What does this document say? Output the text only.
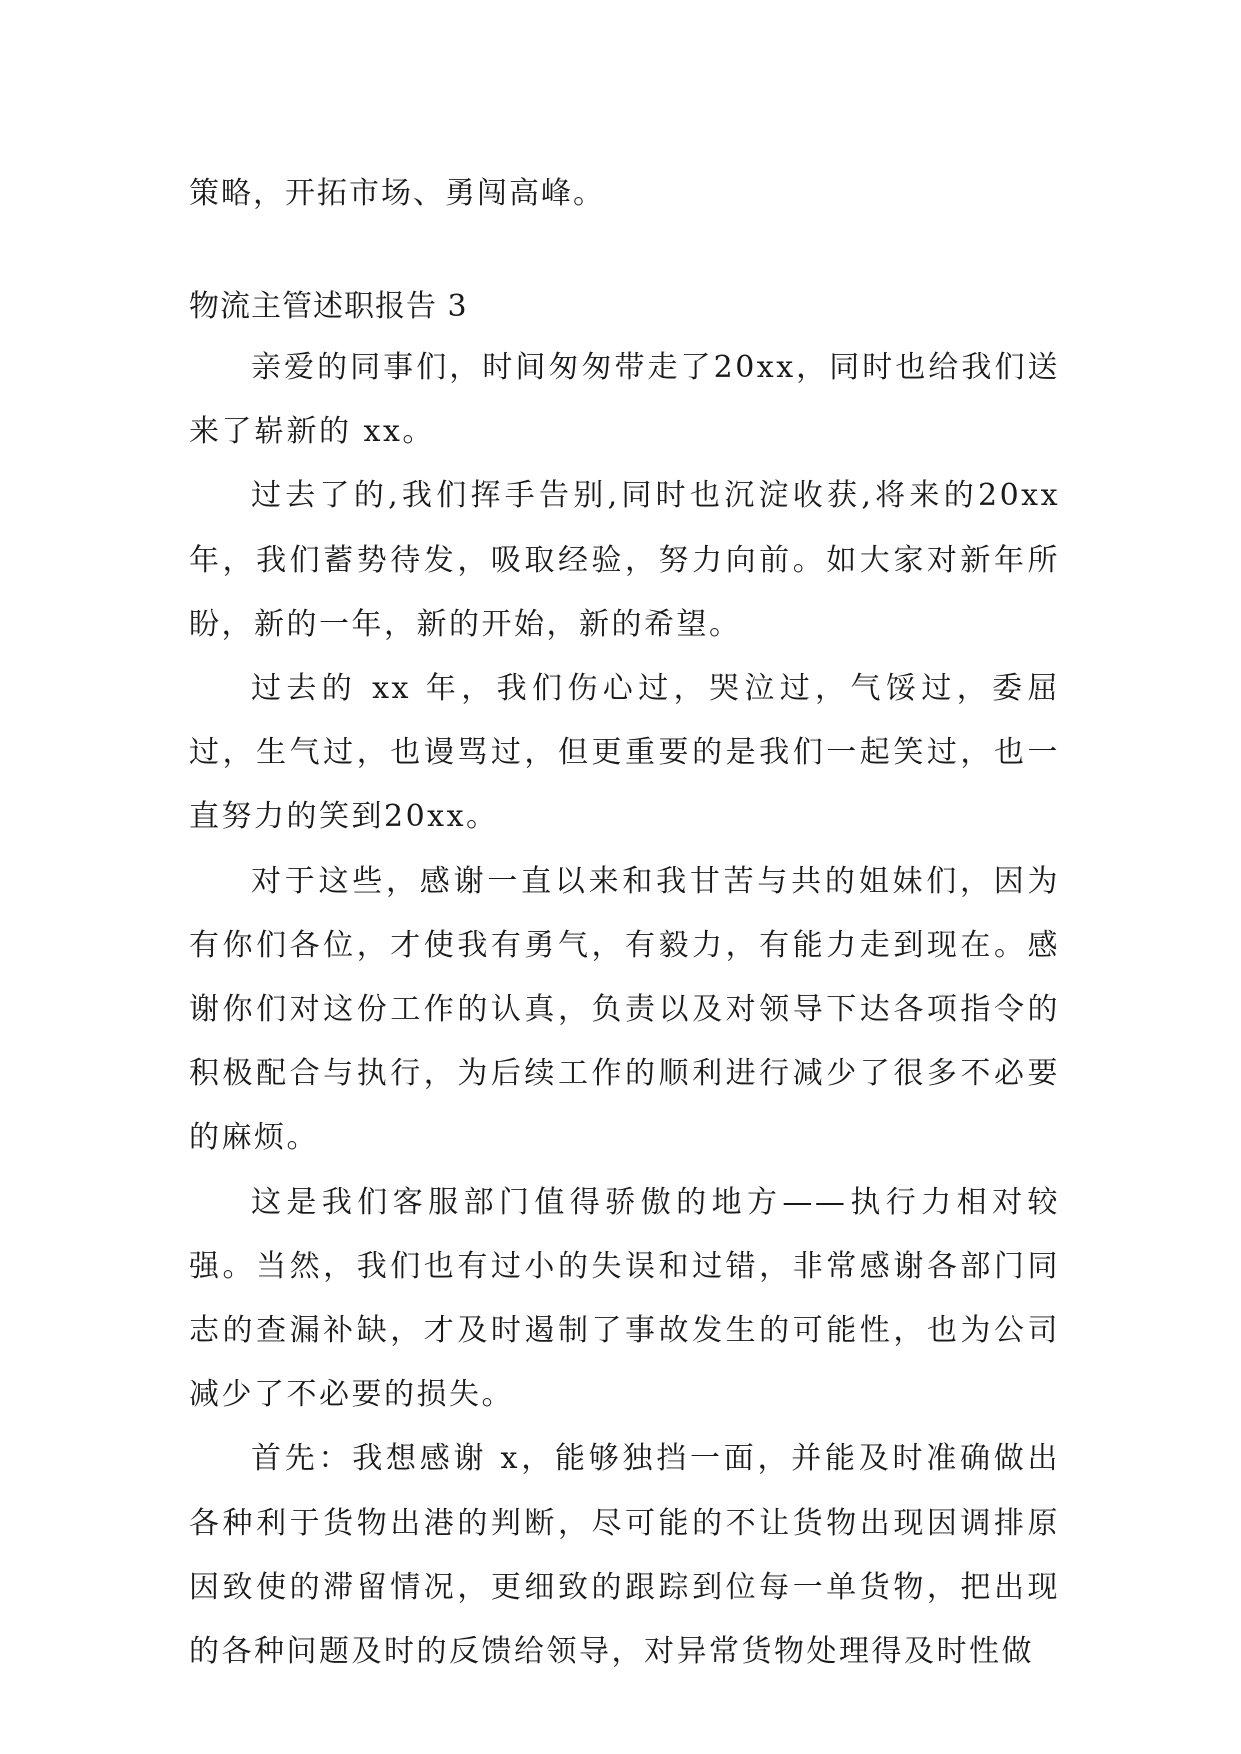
策略，开拓市场、勇闯高峰。

物流主管述职报告 3

亲爱的同事们，时间匆匆带走了20xx，同时也给我们送来了崭新的 xx。

过去了的,我们挥手告别,同时也沉淀收获,将来的20xx年，我们蓄势待发，吸取经验，努力向前。如大家对新年所盼，新的一年，新的开始，新的希望。

过去的 xx 年，我们伤心过，哭泣过，气馁过，委屈过，生气过，也谩骂过，但更重要的是我们一起笑过，也一直努力的笑到20xx。

对于这些，感谢一直以来和我甘苦与共的姐妹们，因为有你们各位，才使我有勇气，有毅力，有能力走到现在。感谢你们对这份工作的认真，负责以及对领导下达各项指令的积极配合与执行，为后续工作的顺利进行减少了很多不必要的麻烦。

这是我们客服部门值得骄傲的地方——执行力相对较强。当然，我们也有过小的失误和过错，非常感谢各部门同志的查漏补缺，才及时遏制了事故发生的可能性，也为公司减少了不必要的损失。

首先：我想感谢 x，能够独挡一面，并能及时准确做出各种利于货物出港的判断，尽可能的不让货物出现因调排原因致使的滞留情况，更细致的跟踪到位每一单货物，把出现的各种问题及时的反馈给领导，对异常货物处理得及时性做
